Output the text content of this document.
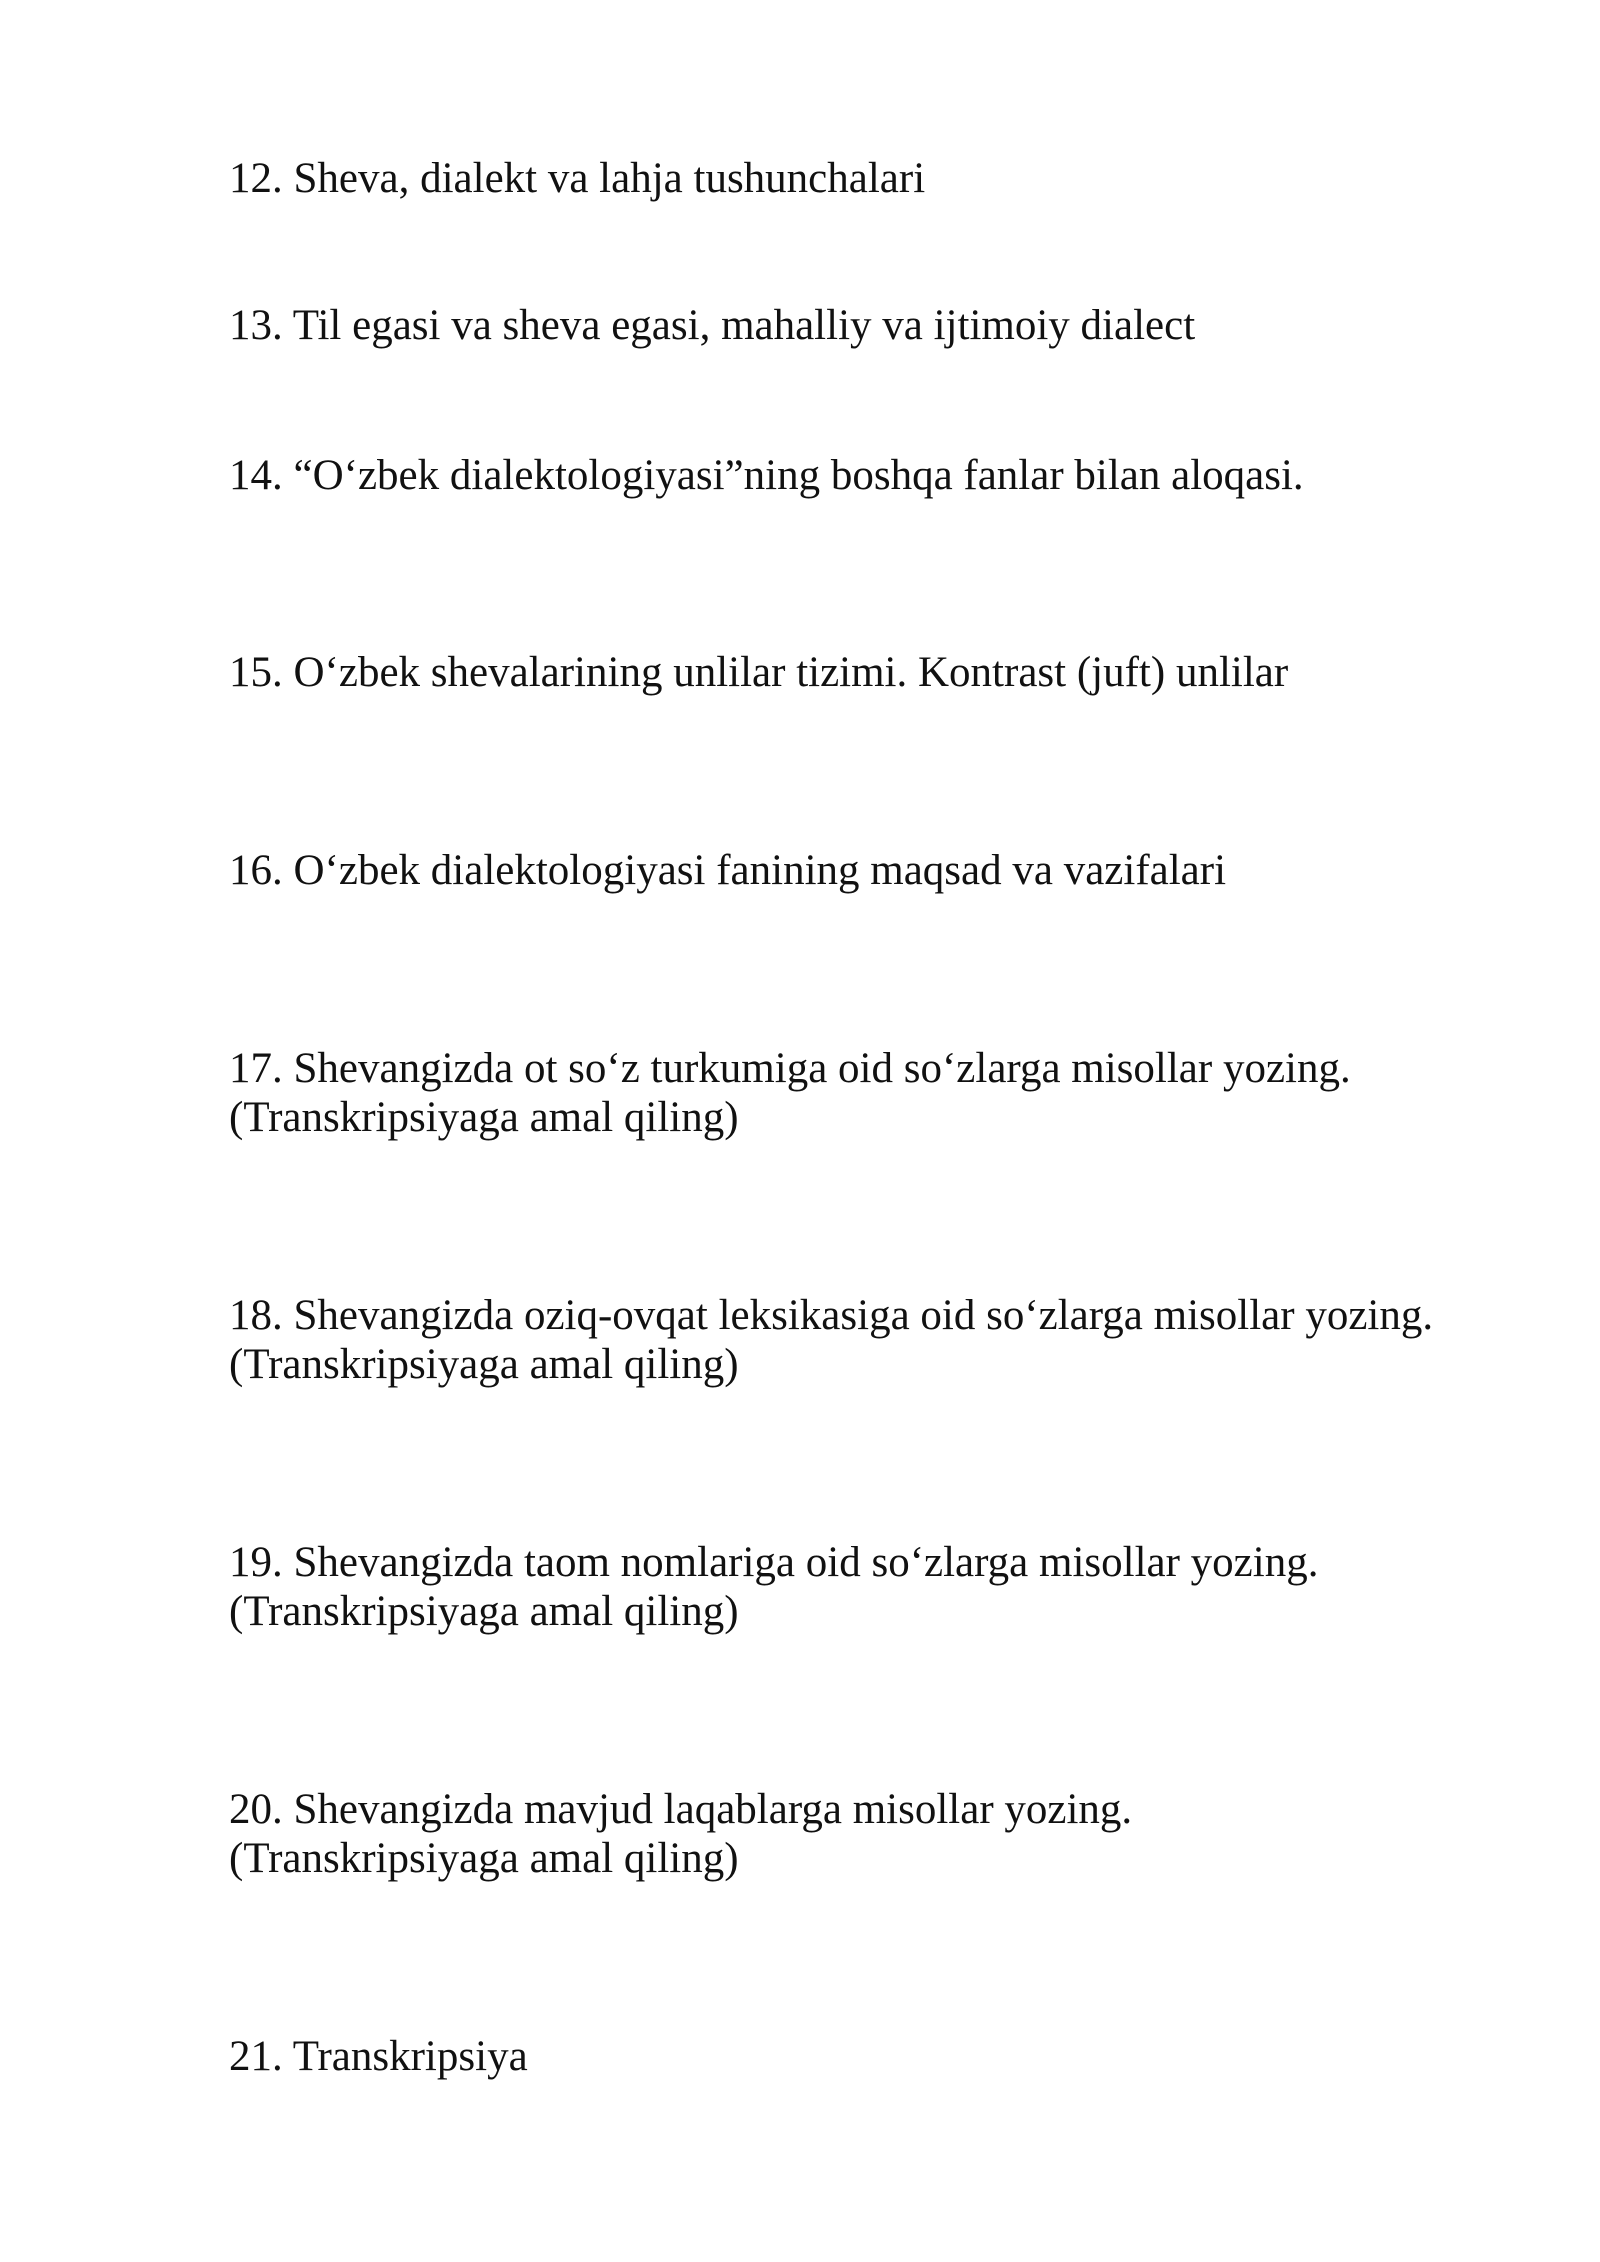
12. Sheva, dialekt va lahja tushunchalari

13. Til egasi va sheva egasi, mahalliy va ijtimoiy dialect

14. “O‘zbek dialektologiyasi”ning boshqa fanlar bilan aloqasi.

15. O‘zbek shevalarining unlilar tizimi. Kontrast (juft) unlilar

16. O‘zbek dialektologiyasi fanining maqsad va vazifalari

17. Shevangizda ot so‘z turkumiga oid so‘zlarga misollar yozing.
(Transkripsiyaga amal qiling)

18. Shevangizda oziq-ovqat leksikasiga oid so‘zlarga misollar yozing.
(Transkripsiyaga amal qiling)

19. Shevangizda taom nomlariga oid so‘zlarga misollar yozing.
(Transkripsiyaga amal qiling)

20. Shevangizda mavjud laqablarga misollar yozing.
(Transkripsiyaga amal qiling)

21. Transkripsiya
